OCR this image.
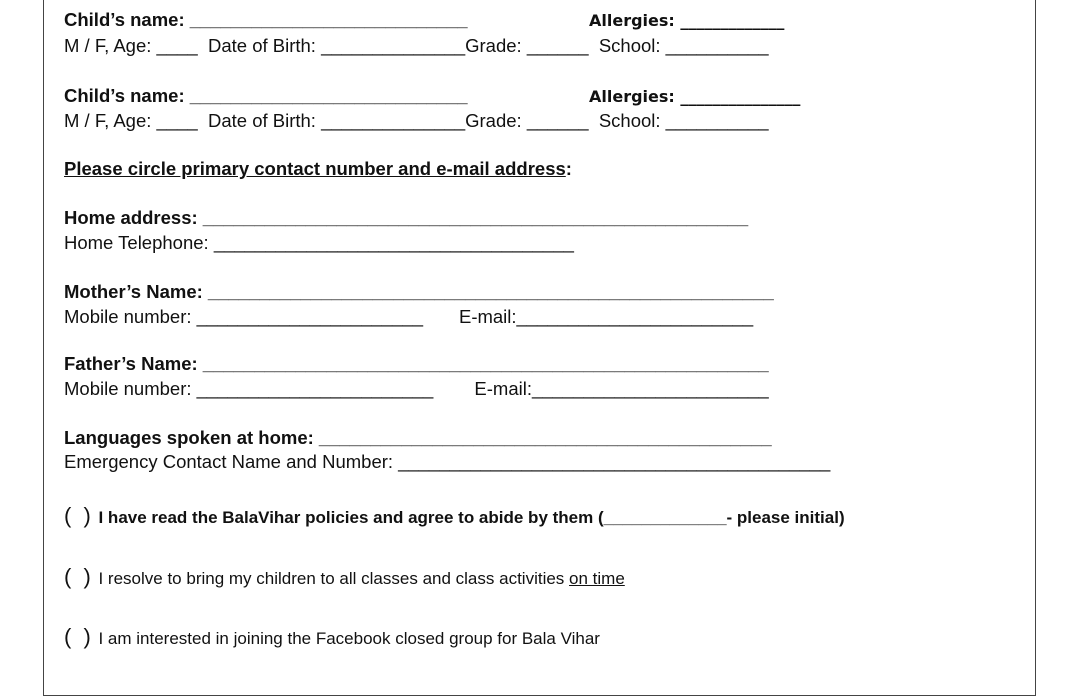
Child’s name: ___________________________	Allergies: _____________
M / F, Age: ____  Date of Birth: ______________Grade: ______  School: __________
Child’s name: ___________________________	Allergies: _______________
M / F, Age: ____  Date of Birth: ______________Grade: ______  School: __________
Please circle primary contact number and e-mail address:
Home address: _____________________________________________________
Home Telephone: ___________________________________
Mother’s Name: _______________________________________________________
Mobile number: ______________________       E-mail:_______________________
Father’s Name: _______________________________________________________
Mobile number: _______________________        E-mail:_______________________
Languages spoken at home: ____________________________________________
Emergency Contact Name and Number: __________________________________________
( ) I have read the BalaVihar policies and agree to abide by them (_____________- please initial)
( ) I resolve to bring my children to all classes and class activities on time
( ) I am interested in joining the Facebook closed group for Bala Vihar
